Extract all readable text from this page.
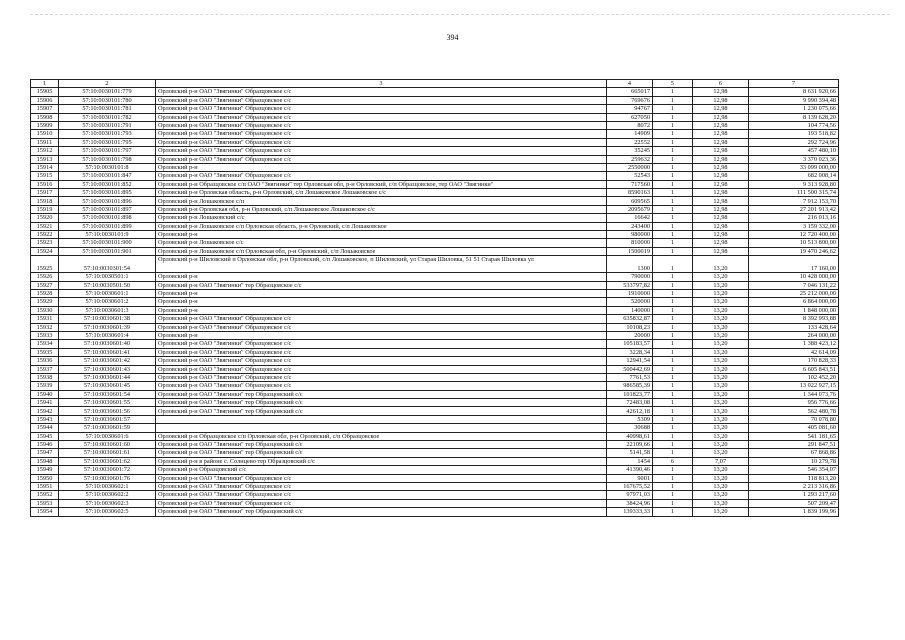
394
1	2	3	4	5	6	7
15905	57:10:0030101:779	Орловский р-н ОАО "Звягинки" Образцовское с/с	665017	1	12,98	8 631 920,66
15906	57:10:0030101:780	Орловский р-н ОАО "Звягинки" Образцовское с/с	769676	1	12,98	9 990 394,48
15907	57:10:0030101:781	Орловский р-н ОАО "Звягинки" Образцовское с/с	94767	1	12,98	1 230 075,66
15908	57:10:0030101:782	Орловский р-н ОАО "Звягинки" Образцовское с/с	627050	1	12,98	8 139 628,20
15909	57:10:0030101:791	Орловский р-н ОАО "Звягинки" Образцовское с/с	8072	1	12,98	104 774,56
15910	57:10:0030101:793	Орловский р-н ОАО "Звягинки" Образцовское с/с	14909	1	12,98	193 518,82
15911	57:10:0030101:795	Орловский р-н ОАО "Звягинки" Образцовское с/с	22552	1	12,98	292 724,96
15912	57:10:0030101:797	Орловский р-н ОАО "Звягинки" Образцовское с/с	35245	1	12,98	457 480,10
15913	57:10:0030101:798	Орловский р-н ОАО "Звягинки" Образцовское с/с	259632	1	12,98	3 370 023,36
15914	57:10:0030101:8	Орловский р-н	2550000	1	12,98	33 099 000,00
15915	57:10:0030101:847	Орловский р-н ОАО "Звягинки" Образцовское с/с	52543	1	12,98	682 008,14
15916	57:10:0030101:852	Орловский р-н Образцовское с/п ОАО "Звягинки" тер Орловская обл, р-н Орловский, с/п Образцовское, тер ОАО "Звягинки"	717560	1	12,98	9 313 928,80
15917	57:10:0030101:895	Орловский р-н Орловская область, р-н Орловский, с/п Лошаковское Лошаковское с/с	8590163	1	12,98	111 500 315,74
15918	57:10:0030101:896	Орловский р-н Лошаковское с/п	609565	1	12,98	7 912 153,70
15919	57:10:0030101:897	Орловский р-н Орловская обл, р-н Орловский, с/п Лошаковское Лошаковское с/с	2095679	1	12,98	27 201 913,42
15920	57:10:0030101:898	Орловский р-н Лошаковский с/с	16642	1	12,98	216 013,16
15921	57:10:0030101:899	Орловский р-н Лошаковское с/п Орловская область, р-н Орловский, с/п Лошаковское	243400	1	12,98	3 159 332,00
15922	57:10:0030101:9	Орловский р-н	980000	1	12,98	12 720 400,00
15923	57:10:0030101:900	Орловский р-н Лошаковское с/с	810000	1	12,98	10 513 800,00
15924	57:10:0030101:901	Орловский р-н Лошаковское с/п Орловская обл, р-н Орловский, с/п Лошаковское	1500019	1	12,98	19 470 246,62
15925	57:10:0030301:54	Орловский р-н Шиловский п Орловская обл, р-н Орловский, с/п Лошаковское, п Шиловский, ул Старая Шиловка, 51 51 Старая Шиловка ул	1300	1	13,20	17 160,00
15926	57:10:0030501:1	Орловский р-н	790000	1	13,20	10 428 000,00
15927	57:10:0030501:50	Орловский р-н ОАО "Звягинки" тер Образцовское с/с	533797,82	1	13,20	7 046 131,22
15928	57:10:0030601:1	Орловский р-н	1910000	1	13,20	25 212 000,00
15929	57:10:0030601:2	Орловский р-н	520000	1	13,20	6 864 000,00
15930	57:10:0030601:3	Орловский р-н	140000	1	13,20	1 848 000,00
15931	57:10:0030601:38	Орловский р-н ОАО "Звягинки" Образцовское с/с	635832,87	1	13,20	8 392 993,88
15932	57:10:0030601:39	Орловский р-н ОАО "Звягинки" Образцовское с/с	10108,23	1	13,20	133 428,64
15933	57:10:0030601:4	Орловский р-н	20000	1	13,20	264 000,00
15934	57:10:0030601:40	Орловский р-н ОАО "Звягинки" Образцовское с/с	105183,57	1	13,20	1 388 423,12
15935	57:10:0030601:41	Орловский р-н ОАО "Звягинки" Образцовское с/с	3228,34	1	13,20	42 614,09
15936	57:10:0030601:42	Орловский р-н ОАО "Звягинки" Образцовское с/с	12941,54	1	13,20	170 828,33
15937	57:10:0030601:43	Орловский р-н ОАО "Звягинки" Образцовское с/с	500442,69	1	13,20	6 605 843,51
15938	57:10:0030601:44	Орловский р-н ОАО "Звягинки" Образцовское с/с	7761,53	1	13,20	102 452,20
15939	57:10:0030601:45	Орловский р-н ОАО "Звягинки" Образцовское с/с	986585,39	1	13,20	13 022 927,15
15940	57:10:0030601:54	Орловский р-н ОАО "Звягинки" тер Образцовский с/с	101823,77	1	13,20	1 344 073,76
15941	57:10:0030601:55	Орловский р-н ОАО "Звягинки" тер Образцовский с/с	72483,08	1	13,20	956 776,66
15942	57:10:0030601:56	Орловский р-н ОАО "Звягинки" тер Образцовский с/с	42612,18	1	13,20	562 480,78
15943	57:10:0030601:57		5309	1	13,20	70 078,80
15944	57:10:0030601:59		30688	1	13,20	405 081,60
15945	57:10:0030601:6	Орловский р-н Образцовское с/п Орловская обл, р-н Орловский, с/п Образцовское	40998,61	1	13,20	541 181,65
15946	57:10:0030601:60	Орловский р-н ОАО "Звягинки" тер Образцовский с/с	22109,66	1	13,20	291 847,51
15947	57:10:0030601:61	Орловский р-н ОАО "Звягинки" тер Образцовский с/с	5141,58	1	13,20	67 868,86
15948	57:10:0030601:62	Орловский р-н в районе с. Солнцево тер Образцовский с/с	1454	6	7,07	10 279,78
15949	57:10:0030601:72	Орловский р-н Образцовский с/с	41390,46	1	13,20	546 354,07
15950	57:10:0030601:76	Орловский р-н ОАО "Звягинки" Образцовское с/с	9001	1	13,20	118 813,20
15951	57:10:0030602:1	Орловский р-н ОАО "Звягинки" Образцовское с/с	167675,52	1	13,20	2 213 316,86
15952	57:10:0030602:2	Орловский р-н ОАО "Звягинки" Образцовское с/с	97971,03	1	13,20	1 293 217,60
15953	57:10:0030602:3	Орловский р-н ОАО "Звягинки" Образцовское с/с	38424,96	1	13,20	507 209,47
15954	57:10:0030602:5	Орловский р-н ОАО "Звягинки" тер Образцовский с/с	139333,33	1	13,20	1 839 199,96
